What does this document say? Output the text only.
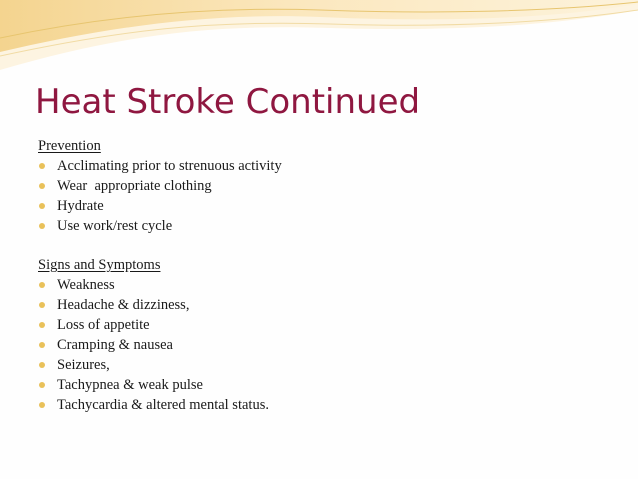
Heat Stroke Continued

Prevention

Acclimating prior to strenuous activity
Wear  appropriate clothing
Hydrate
Use work/rest cycle

Signs and Symptoms

Weakness
Headache & dizziness,
Loss of appetite
Cramping & nausea
Seizures,
Tachypnea & weak pulse
Tachycardia & altered mental status.
